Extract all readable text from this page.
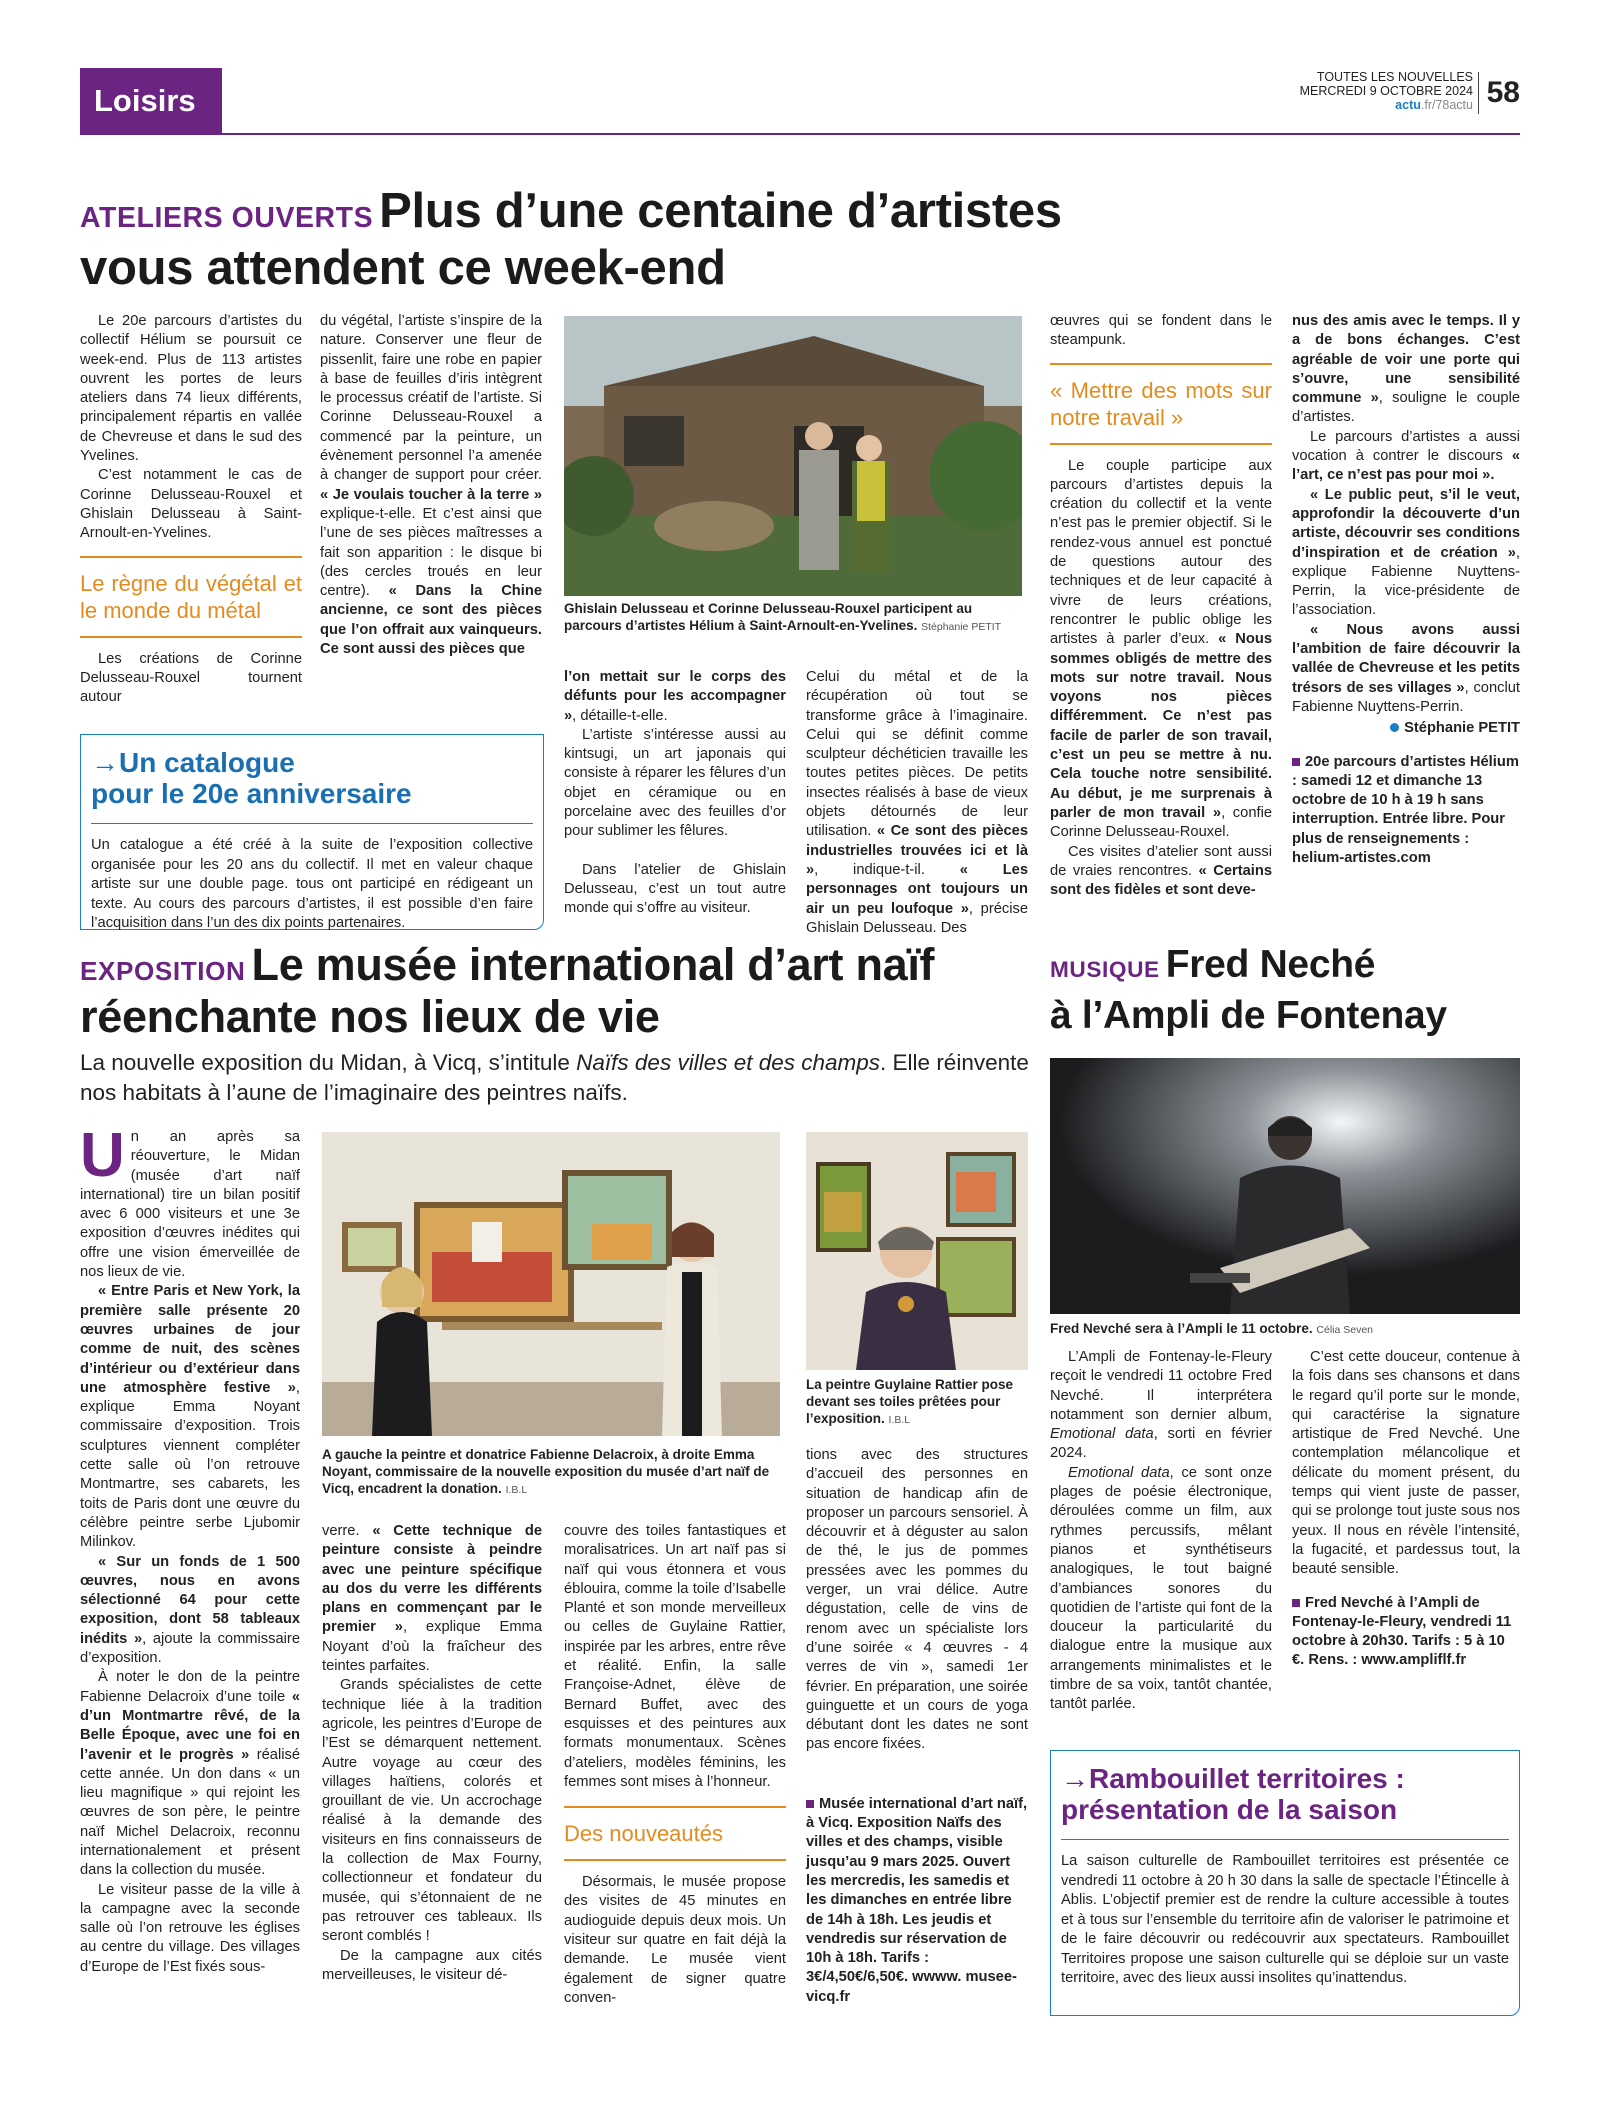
Loisirs
TOUTES LES NOUVELLES
MERCREDI 9 OCTOBRE 2024
actu.fr/78actu 58
ATELIERS OUVERTS Plus d’une centaine d’artistes
vous attendent ce week-end

Le 20e parcours d’artistes du collectif Hélium se poursuit ce week-end. Plus de 113 artistes ouvrent les portes de leurs ateliers dans 74 lieux différents, principalement répartis en vallée de Chevreuse et dans le sud des Yvelines.

C’est notamment le cas de Corinne Delusseau-Rouxel et Ghislain Delusseau à Saint-Arnoult-en-Yvelines.

Le règne du végétal et le monde du métal

Les créations de Corinne Delusseau-Rouxel tournent autour

du végétal, l’artiste s’inspire de la nature. Conserver une fleur de pissenlit, faire une robe en papier à base de feuilles d’iris intègrent le processus créatif de l’artiste. Si Corinne Delusseau-Rouxel a commencé par la peinture, un évènement personnel l’a amenée à changer de support pour créer. « Je voulais toucher à la terre » explique-t-elle. Et c’est ainsi que l’une de ses pièces maîtresses a fait son apparition : le disque bi (des cercles troués en leur centre). « Dans la Chine ancienne, ce sont des pièces que l’on offrait aux vainqueurs. Ce sont aussi des pièces que

Ghislain Delusseau et Corinne Delusseau-Rouxel participent au parcours d’artistes Hélium à Saint-Arnoult-en-Yvelines. Stéphanie PETIT

l’on mettait sur le corps des défunts pour les accompagner », détaille-t-elle.

L’artiste s’intéresse aussi au kintsugi, un art japonais qui consiste à réparer les fêlures d’un objet en céramique ou en porcelaine avec des feuilles d’or pour sublimer les fêlures.

Dans l’atelier de Ghislain Delusseau, c’est un tout autre monde qui s’offre au visiteur.

Celui du métal et de la récupération où tout se transforme grâce à l’imaginaire. Celui qui se définit comme sculpteur déchéticien travaille les toutes petites pièces. De petits insectes réalisés à base de vieux objets détournés de leur utilisation. « Ce sont des pièces industrielles trouvées ici et là », indique-t-il. « Les personnages ont toujours un air un peu loufoque », précise Ghislain Delusseau. Des

œuvres qui se fondent dans le steampunk.

« Mettre des mots sur notre travail »

Le couple participe aux parcours d’artistes depuis la création du collectif et la vente n’est pas le premier objectif. Si le rendez-vous annuel est ponctué de questions autour des techniques et de leur capacité à vivre de leurs créations, rencontrer le public oblige les artistes à parler d’eux. « Nous sommes obligés de mettre des mots sur notre travail. Nous voyons nos pièces différemment. Ce n’est pas facile de parler de son travail, c’est un peu se mettre à nu. Cela touche notre sensibilité. Au début, je me surprenais à parler de mon travail », confie Corinne Delusseau-Rouxel.

Ces visites d’atelier sont aussi de vraies rencontres. « Certains sont des fidèles et sont deve-

nus des amis avec le temps. Il y a de bons échanges. C’est agréable de voir une porte qui s’ouvre, une sensibilité commune », souligne le couple d’artistes.

Le parcours d’artistes a aussi vocation à contrer le discours « l’art, ce n’est pas pour moi ».

« Le public peut, s’il le veut, approfondir la découverte d’un artiste, découvrir ses conditions d’inspiration et de création », explique Fabienne Nuyttens-Perrin, la vice-présidente de l’association.

« Nous avons aussi l’ambition de faire découvrir la vallée de Chevreuse et les petits trésors de ses villages », conclut Fabienne Nuyttens-Perrin.

Stéphanie PETIT
20e parcours d’artistes Hélium : samedi 12 et dimanche 13 octobre de 10 h à 19 h sans interruption. Entrée libre. Pour plus de renseignements : helium-artistes.com
→Un catalogue
pour le 20e anniversaire
Un catalogue a été créé à la suite de l’exposition collective organisée pour les 20 ans du collectif. Il met en valeur chaque artiste sur une double page. tous ont participé en rédigeant un texte. Au cours des parcours d’artistes, il est possible d’en faire l’acquisition dans l’un des dix points partenaires.
EXPOSITION Le musée international d’art naïf
réenchante nos lieux de vie
La nouvelle exposition du Midan, à Vicq, s’intitule Naïfs des villes et des champs. Elle réinvente nos habitats à l’aune de l’imaginaire des peintres naïfs.

Un an après sa réouverture, le Midan (musée d’art naïf international) tire un bilan positif avec 6 000 visiteurs et une 3e exposition d’œuvres inédites qui offre une vision émerveillée de nos lieux de vie.

« Entre Paris et New York, la première salle présente 20 œuvres urbaines de jour comme de nuit, des scènes d’intérieur ou d’extérieur dans une atmosphère festive », explique Emma Noyant commissaire d’exposition. Trois sculptures viennent compléter cette salle où l’on retrouve Montmartre, ses cabarets, les toits de Paris dont une œuvre du célèbre peintre serbe Ljubomir Milinkov.

« Sur un fonds de 1 500 œuvres, nous en avons sélectionné 64 pour cette exposition, dont 58 tableaux inédits », ajoute la commissaire d’exposition.

À noter le don de la peintre Fabienne Delacroix d’une toile « d’un Montmartre rêvé, de la Belle Époque, avec une foi en l’avenir et le progrès » réalisé cette année. Un don dans « un lieu magnifique » qui rejoint les œuvres de son père, le peintre naïf Michel Delacroix, reconnu internationalement et présent dans la collection du musée.

Le visiteur passe de la ville à la campagne avec la seconde salle où l’on retrouve les églises au centre du village. Des villages d’Europe de l’Est fixés sous-

A gauche la peintre et donatrice Fabienne Delacroix, à droite Emma Noyant, commissaire de la nouvelle exposition du musée d’art naïf de Vicq, encadrent la donation. I.B.L
La peintre Guylaine Rattier pose devant ses toiles prêtées pour l’exposition. I.B.L

verre. « Cette technique de peinture consiste à peindre avec une peinture spécifique au dos du verre les différents plans en commençant par le premier », explique Emma Noyant d’où la fraîcheur des teintes parfaites.

Grands spécialistes de cette technique liée à la tradition agricole, les peintres d’Europe de l’Est se démarquent nettement. Autre voyage au cœur des villages haïtiens, colorés et grouillant de vie. Un accrochage réalisé à la demande des visiteurs en fins connaisseurs de la collection de Max Fourny, collectionneur et fondateur du musée, qui s’étonnaient de ne pas retrouver ces tableaux. Ils seront comblés !

De la campagne aux cités merveilleuses, le visiteur dé-

couvre des toiles fantastiques et moralisatrices. Un art naïf pas si naïf qui vous étonnera et vous éblouira, comme la toile d’Isabelle Planté et son monde merveilleux ou celles de Guylaine Rattier, inspirée par les arbres, entre rêve et réalité. Enfin, la salle Françoise-Adnet, élève de Bernard Buffet, avec des esquisses et des peintures aux formats monumentaux. Scènes d’ateliers, modèles féminins, les femmes sont mises à l’honneur.

Des nouveautés

Désormais, le musée propose des visites de 45 minutes en audioguide depuis deux mois. Un visiteur sur quatre en fait déjà la demande. Le musée vient également de signer quatre conven-

tions avec des structures d’accueil des personnes en situation de handicap afin de proposer un parcours sensoriel. À découvrir et à déguster au salon de thé, le jus de pommes pressées avec les pommes du verger, un vrai délice. Autre dégustation, celle de vins de renom avec un spécialiste lors d’une soirée « 4 œuvres - 4 verres de vin », samedi 1er février. En préparation, une soirée guinguette et un cours de yoga débutant dont les dates ne sont pas encore fixées.

Musée international d’art naïf, à Vicq. Exposition Naïfs des villes et des champs, visible jusqu’au 9 mars 2025. Ouvert les mercredis, les samedis et les dimanches en entrée libre de 14h à 18h. Les jeudis et vendredis sur réservation de 10h à 18h. Tarifs : 3€/4,50€/6,50€. wwww. musee-vicq.fr
MUSIQUE Fred Neché
à l’Ampli de Fontenay
Fred Nevché sera à l’Ampli le 11 octobre. Célia Seven

L’Ampli de Fontenay-le-Fleury reçoit le vendredi 11 octobre Fred Nevché. Il interprétera notamment son dernier album, Emotional data, sorti en février 2024.

Emotional data, ce sont onze plages de poésie électronique, déroulées comme un film, aux rythmes percussifs, mêlant pianos et synthétiseurs analogiques, le tout baigné d’ambiances sonores du quotidien de l’artiste qui font de la douceur la particularité du dialogue entre la musique aux arrangements minimalistes et le timbre de sa voix, tantôt chantée, tantôt parlée.

C’est cette douceur, contenue à la fois dans ses chansons et dans le regard qu’il porte sur le monde, qui caractérise la signature artistique de Fred Nevché. Une contemplation mélancolique et délicate du moment présent, du temps qui vient juste de passer, qui se prolonge tout juste sous nos yeux. Il nous en révèle l’intensité, la fugacité, et pardessus tout, la beauté sensible.

Fred Nevché à l’Ampli de Fontenay-le-Fleury, vendredi 11 octobre à 20h30. Tarifs : 5 à 10 €. Rens. : www.ampliflf.fr
→Rambouillet territoires :
présentation de la saison
La saison culturelle de Rambouillet territoires est présentée ce vendredi 11 octobre à 20 h 30 dans la salle de spectacle l’Étincelle à Ablis. L’objectif premier est de rendre la culture accessible à toutes et à tous sur l’ensemble du territoire afin de valoriser le patrimoine et de le faire découvrir ou redécouvrir aux spectateurs. Rambouillet Territoires propose une saison culturelle qui se déploie sur un vaste territoire, avec des lieux aussi insolites qu’inattendus.
